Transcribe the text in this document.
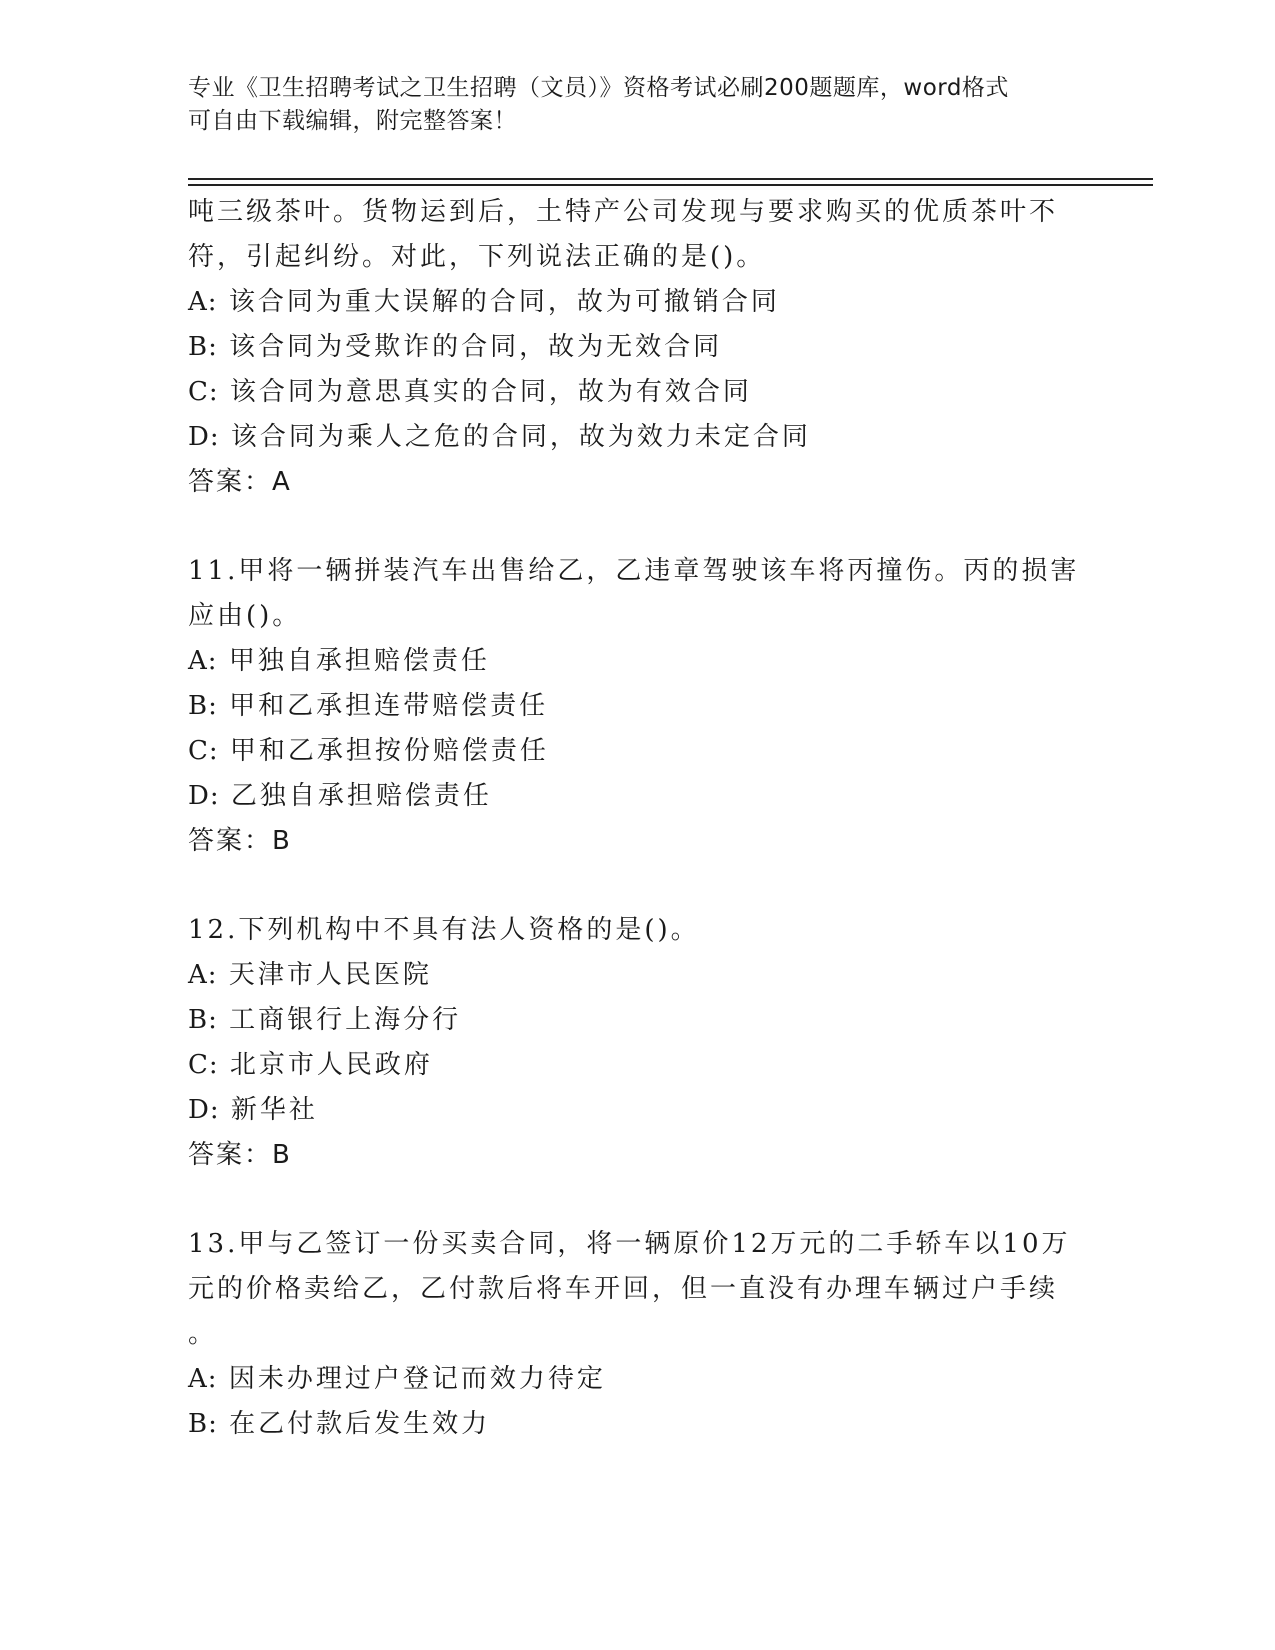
专业《卫生招聘考试之卫生招聘（文员）》资格考试必刷200题题库，word格式
可自由下载编辑，附完整答案！
吨三级茶叶。货物运到后，土特产公司发现与要求购买的优质茶叶不
符，引起纠纷。对此，下列说法正确的是()。
A: 该合同为重大误解的合同，故为可撤销合同
B: 该合同为受欺诈的合同，故为无效合同
C: 该合同为意思真实的合同，故为有效合同
D: 该合同为乘人之危的合同，故为效力未定合同
答案：A
11.甲将一辆拼装汽车出售给乙，乙违章驾驶该车将丙撞伤。丙的损害
应由()。
A: 甲独自承担赔偿责任
B: 甲和乙承担连带赔偿责任
C: 甲和乙承担按份赔偿责任
D: 乙独自承担赔偿责任
答案：B
12.下列机构中不具有法人资格的是()。
A: 天津市人民医院
B: 工商银行上海分行
C: 北京市人民政府
D: 新华社
答案：B
13.甲与乙签订一份买卖合同，将一辆原价12万元的二手轿车以10万
元的价格卖给乙，乙付款后将车开回，但一直没有办理车辆过户手续
。
A: 因未办理过户登记而效力待定
B: 在乙付款后发生效力
